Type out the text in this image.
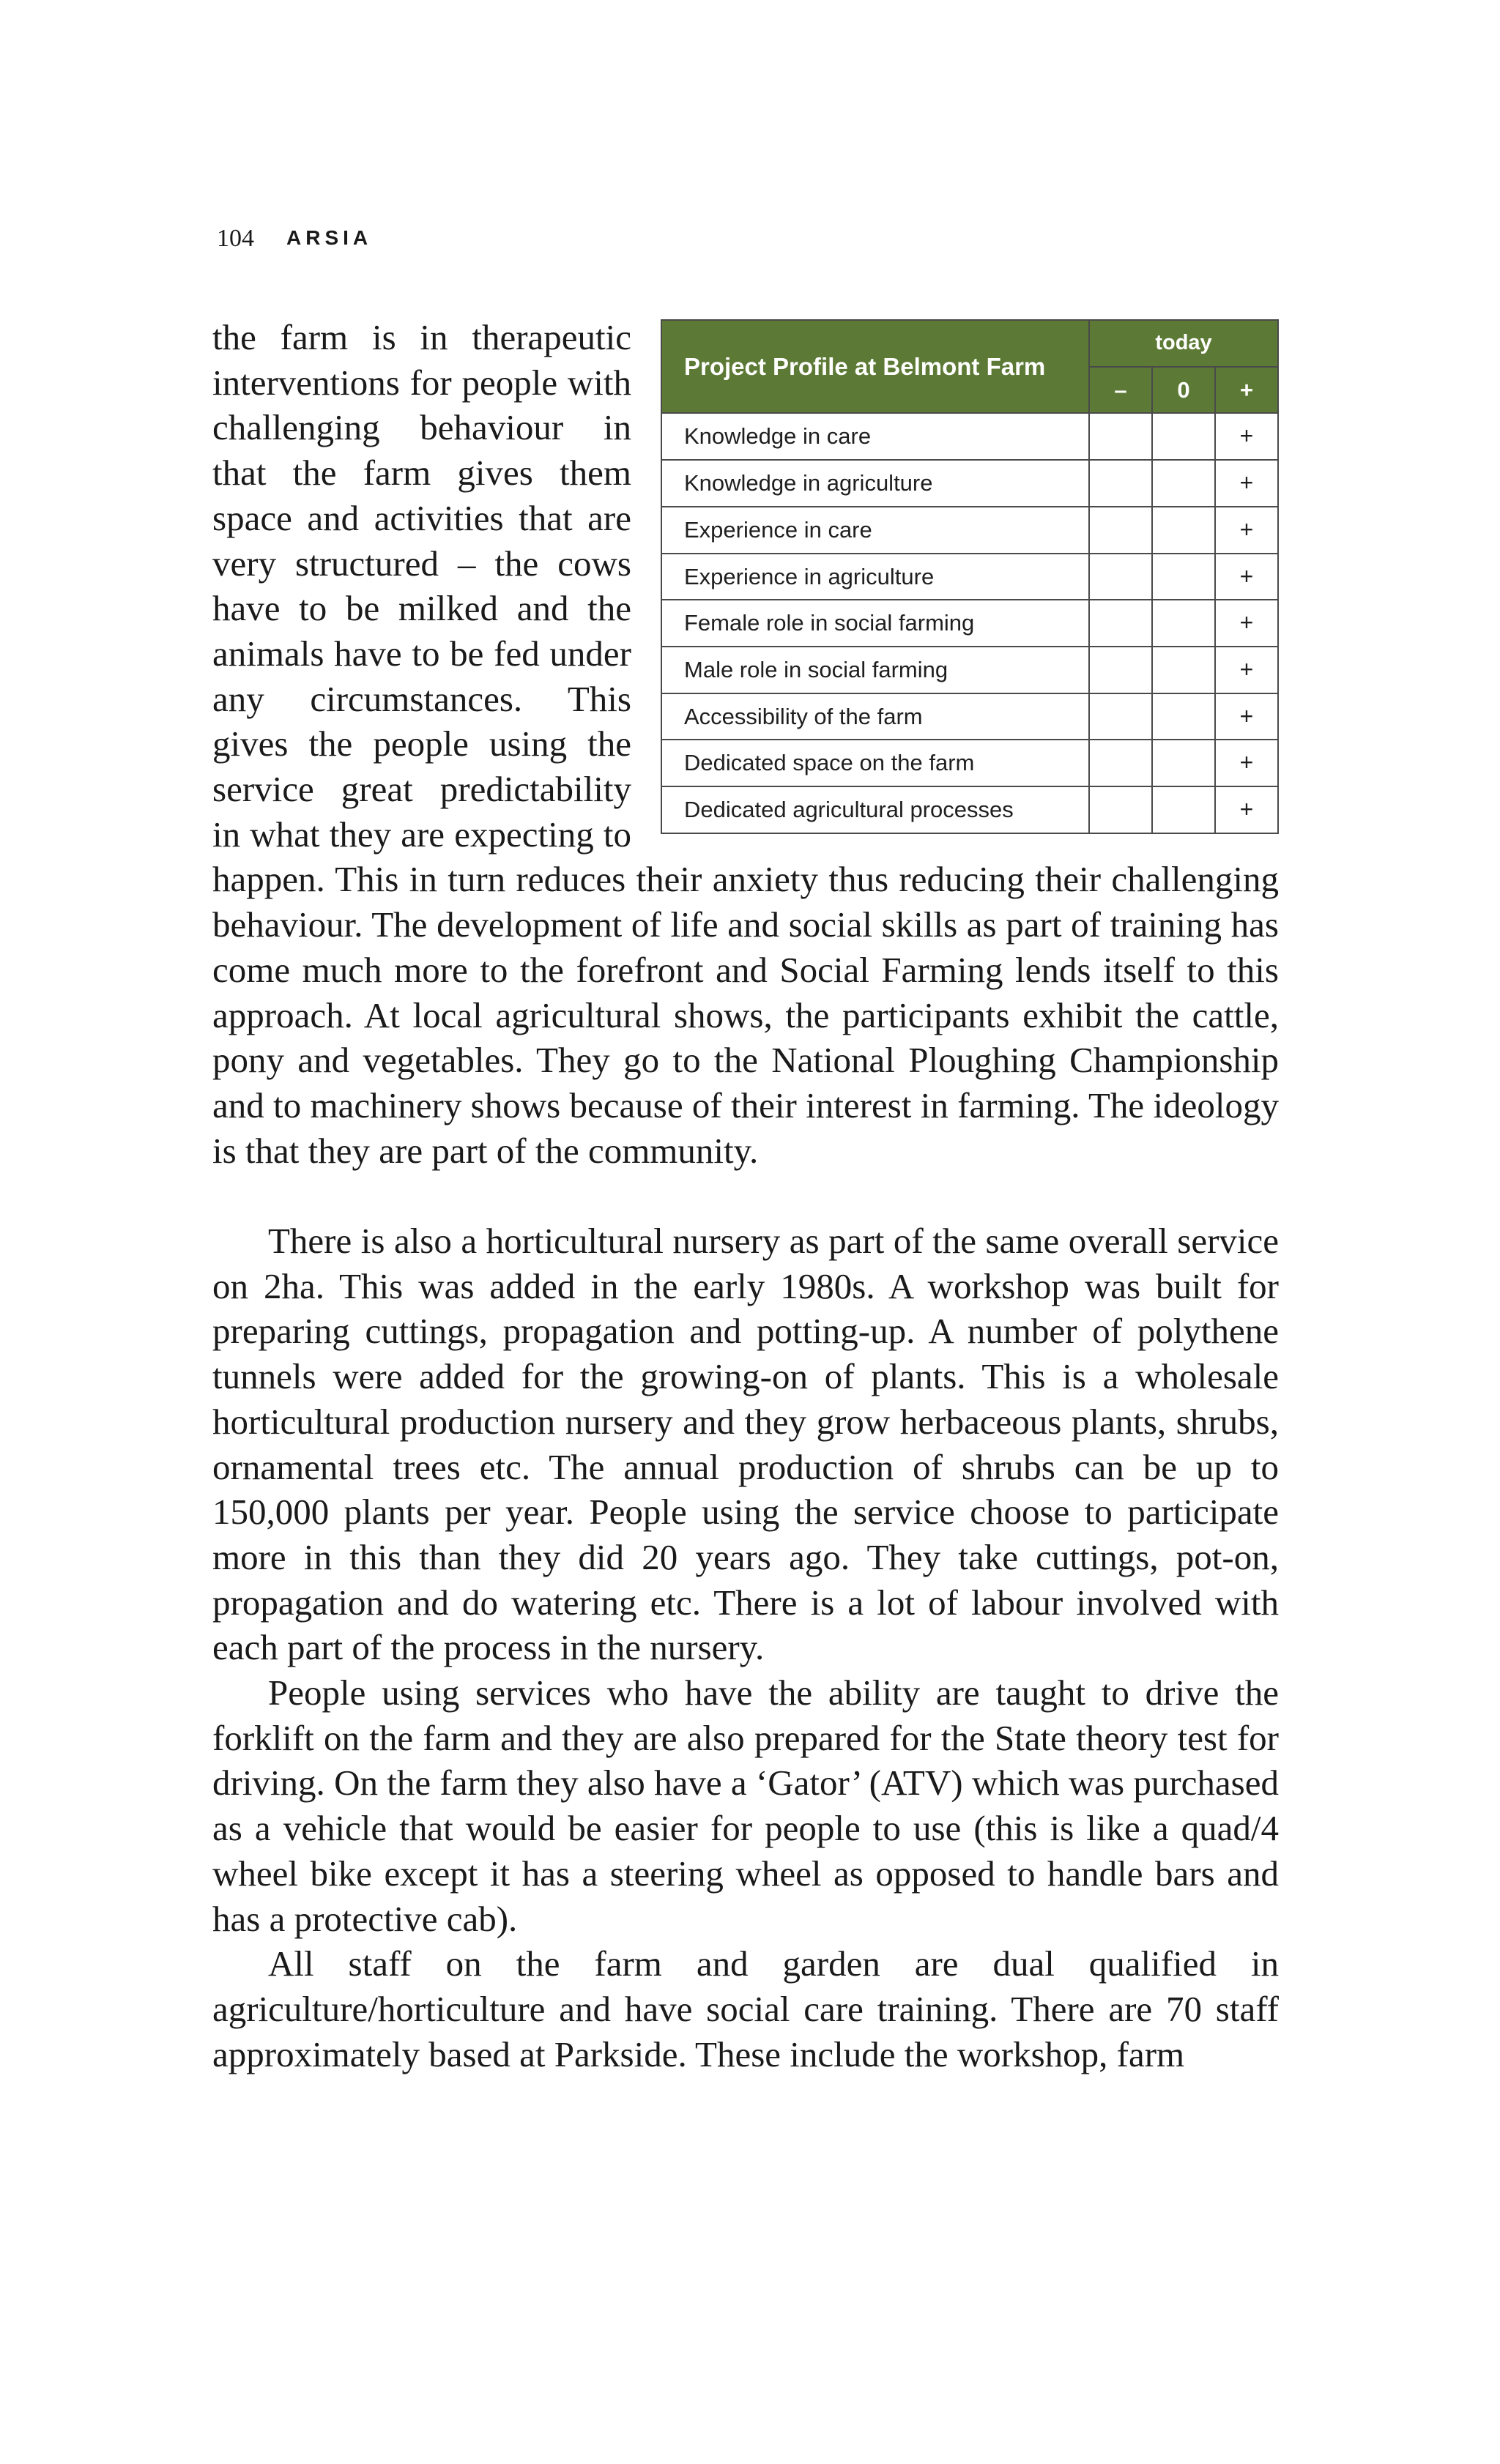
104 ARSIA
Project Profile at Belmont Farm	today		
	–	0	+
Knowledge in care			+
Knowledge in agriculture			+
Experience in care			+
Experience in agriculture			+
Female role in social farming			+
Male role in social farming			+
Accessibility of the farm			+
Dedicated space on the farm			+
Dedicated agricultural processes			+

the farm is in therapeutic interventions for people with challenging behaviour in that the farm gives them space and activities that are very structured – the cows have to be milked and the animals have to be fed under any circumstances. This gives the people using the service great predictability in what they are expecting to happen. This in turn reduces their anxiety thus reducing their challenging behaviour. The development of life and social skills as part of training has come much more to the forefront and Social Farming lends itself to this approach. At local agricultural shows, the participants exhibit the cattle, pony and vegetables. They go to the National Ploughing Championship and to machinery shows because of their interest in farming. The ideology is that they are part of the community.

There is also a horticultural nursery as part of the same overall service on 2ha. This was added in the early 1980s. A workshop was built for preparing cuttings, propagation and potting-up. A number of polythene tunnels were added for the growing-on of plants. This is a wholesale horticultural production nursery and they grow herbaceous plants, shrubs, ornamental trees etc. The annual production of shrubs can be up to 150,000 plants per year. People using the service choose to participate more in this than they did 20 years ago. They take cuttings, pot-on, propagation and do watering etc. There is a lot of labour involved with each part of the process in the nursery.

People using services who have the ability are taught to drive the forklift on the farm and they are also prepared for the State theory test for driving. On the farm they also have a ‘Gator’ (ATV) which was purchased as a vehicle that would be easier for people to use (this is like a quad/4 wheel bike except it has a steering wheel as opposed to handle bars and has a protective cab).

All staff on the farm and garden are dual qualified in agriculture/horticulture and have social care training. There are 70 staff approximately based at Parkside. These include the workshop, farm
